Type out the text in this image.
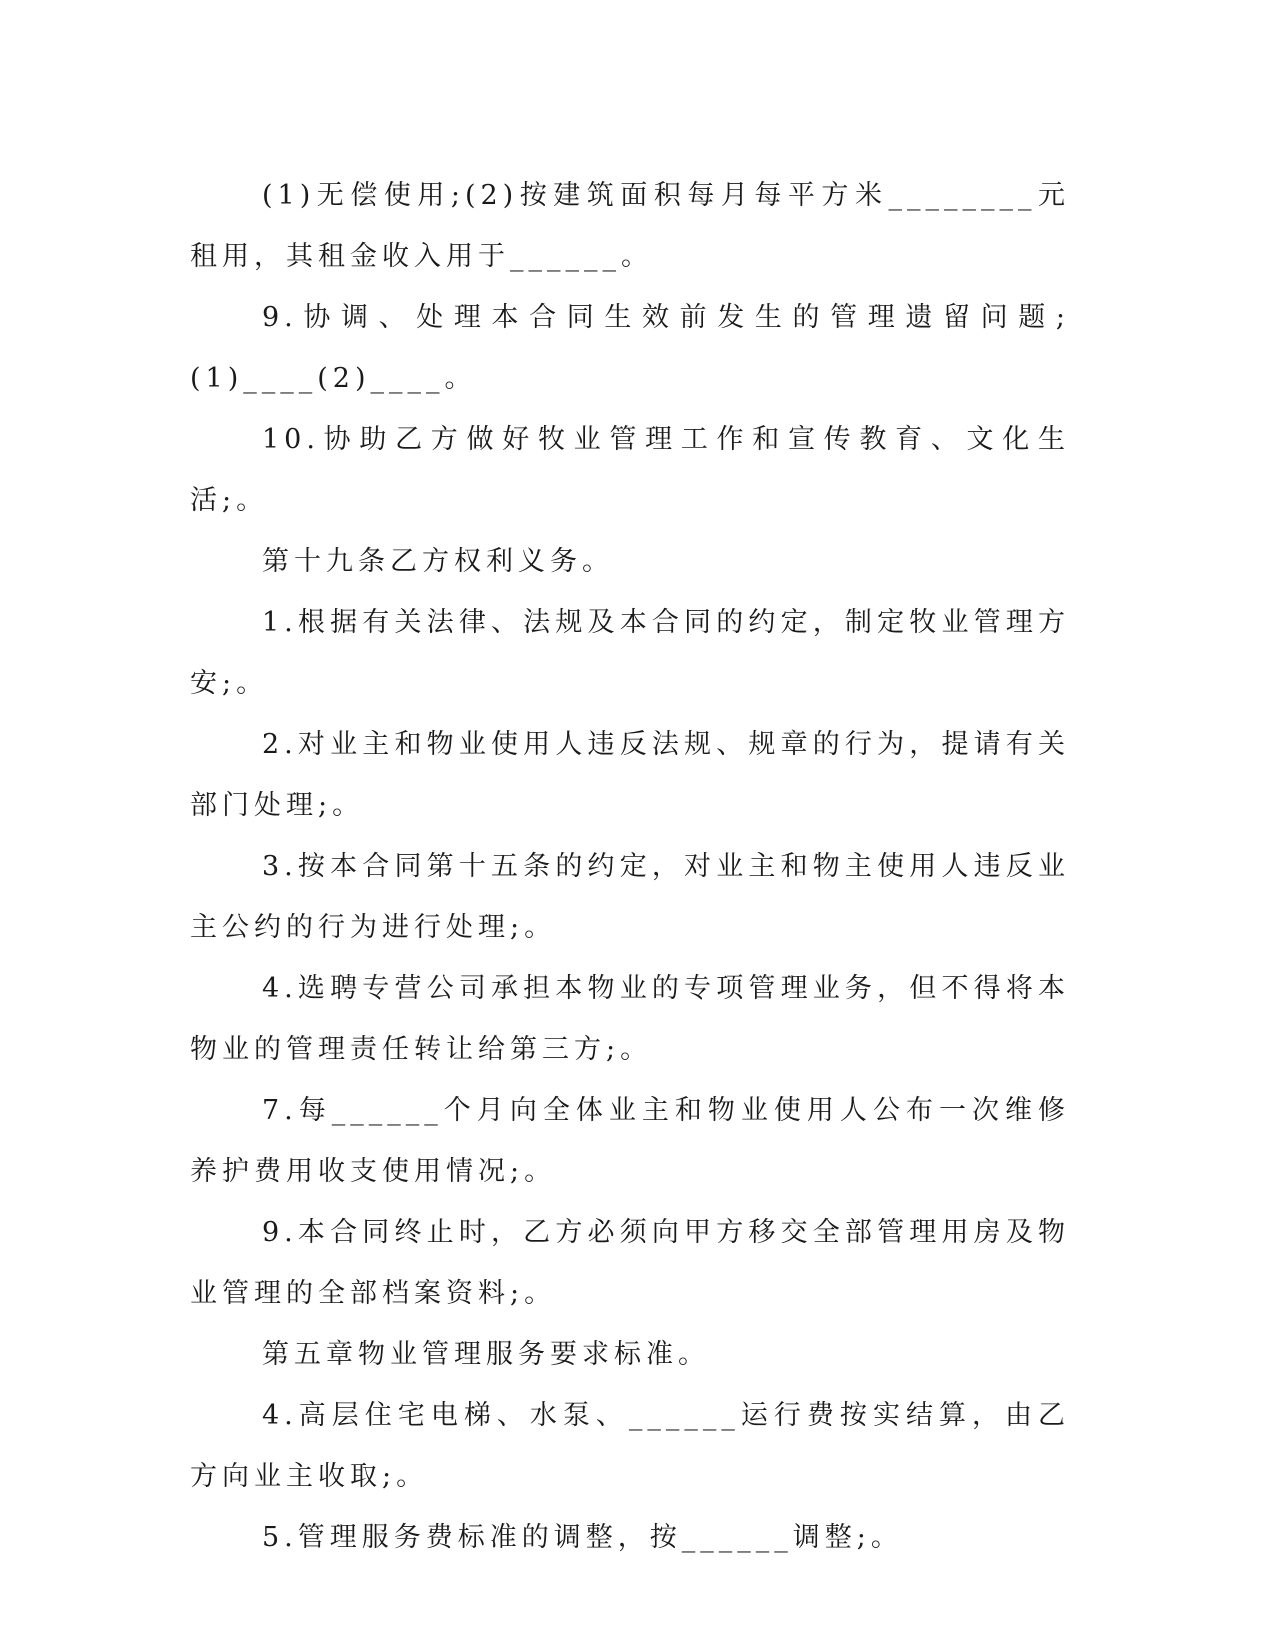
(1)无偿使用;(2)按建筑面积每月每平方米________元租用，其租金收入用于______。

9.协调、处理本合同生效前发生的管理遗留问题;(1)____(2)____。

10.协助乙方做好牧业管理工作和宣传教育、文化生活;。

第十九条乙方权利义务。

1.根据有关法律、法规及本合同的约定，制定牧业管理方安;。

2.对业主和物业使用人违反法规、规章的行为，提请有关部门处理;。

3.按本合同第十五条的约定，对业主和物主使用人违反业主公约的行为进行处理;。

4.选聘专营公司承担本物业的专项管理业务，但不得将本物业的管理责任转让给第三方;。

7.每______个月向全体业主和物业使用人公布一次维修养护费用收支使用情况;。

9.本合同终止时，乙方必须向甲方移交全部管理用房及物业管理的全部档案资料;。

第五章物业管理服务要求标准。

4.高层住宅电梯、水泵、______运行费按实结算，由乙方向业主收取;。

5.管理服务费标准的调整，按______调整;。
